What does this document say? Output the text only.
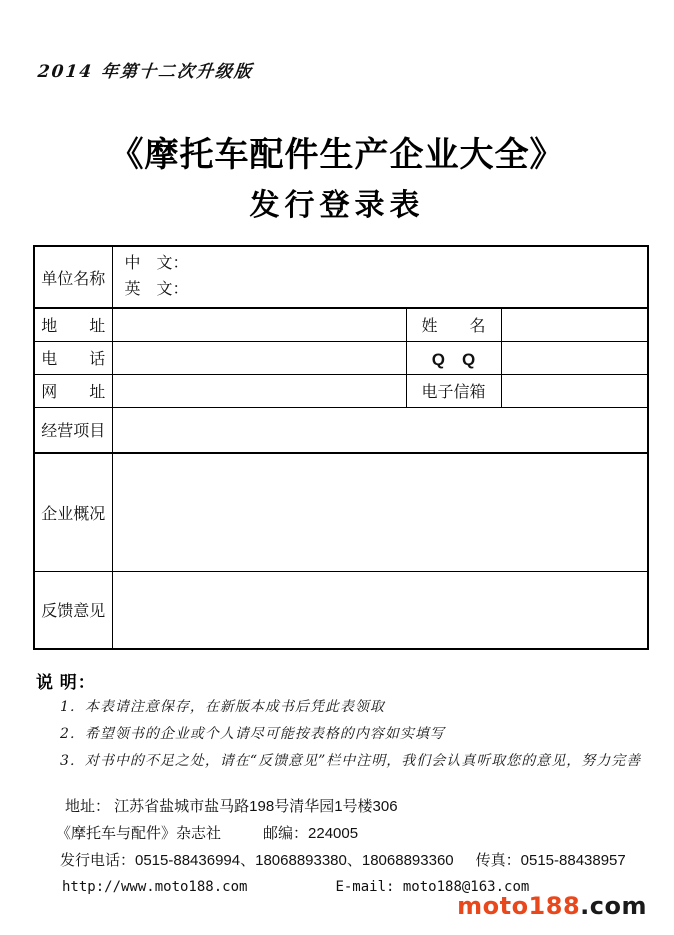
2014 年第十二次升级版
《摩托车配件生产企业大全》
发行登录表
单位名称	中　文：
英　文：		

地　　址		姓　　名	
电　　话		Q　Q	
网　　址		电子信箱	
经营项目			
企业概况			
反馈意见			
说 明：
1．本表请注意保存，在新版本成书后凭此表领取
2．希望领书的企业或个人请尽可能按表格的内容如实填写
3．对书中的不足之处，请在“反馈意见”栏中注明，我们会认真听取您的意见，努力完善
地址： 江苏省盐城市盐马路198号清华园1号楼306
《摩托车与配件》杂志社	邮编：224005
发行电话：0515-88436994、18068893380、18068893360 传真：0515-88438957
http://www.moto188.com	E-mail: moto188@163.com
moto188.com
